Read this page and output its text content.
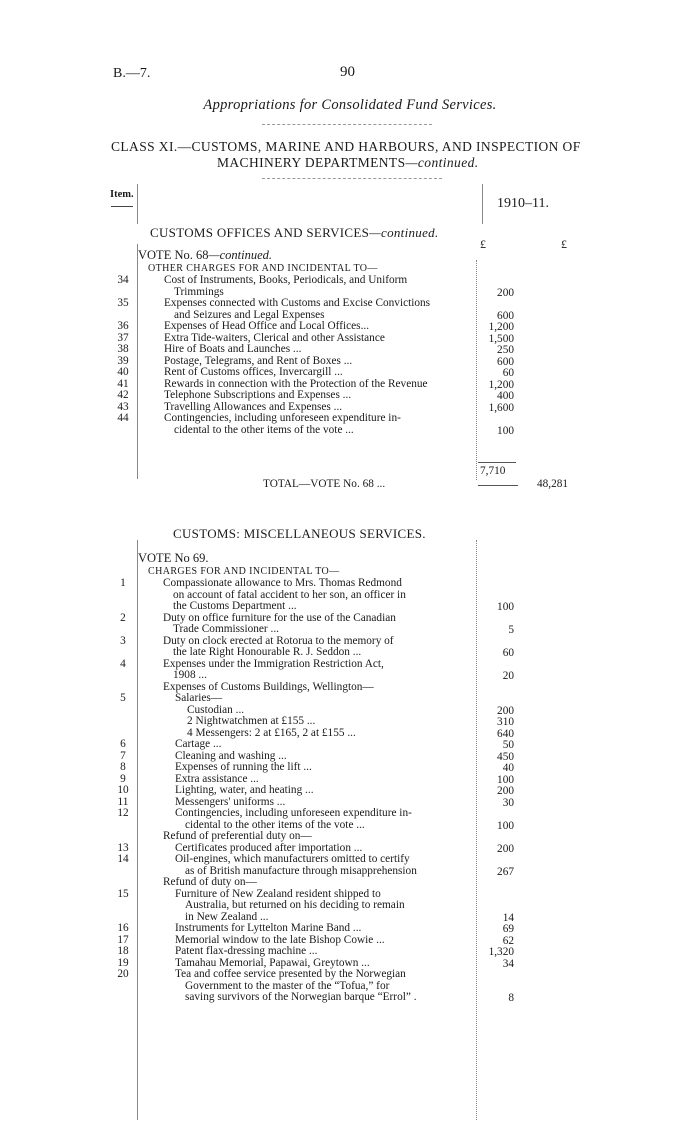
B.—7.	90
Appropriations for Consolidated Fund Services.
CLASS XI.—CUSTOMS, MARINE AND HARBOURS, AND INSPECTION OF
MACHINERY DEPARTMENTS—continued.
Item.
1910–11.
CUSTOMS OFFICES AND SERVICES—continued.
£	£
VOTE No. 68—continued.
OTHER CHARGES FOR AND INCIDENTAL TO—
34	Cost of Instruments, Books, Periodicals, and Uniform
Trimmings	200
35	Expenses connected with Customs and Excise Convictions
and Seizures and Legal Expenses	600
36	Expenses of Head Office and Local Offices...	1,200
37	Extra Tide-waiters, Clerical and other Assistance	1,500
38	Hire of Boats and Launches ...	250
39	Postage, Telegrams, and Rent of Boxes ...	600
40	Rent of Customs offices, Invercargill ...	60
41	Rewards in connection with the Protection of the Revenue	1,200
42	Telephone Subscriptions and Expenses ...	400
43	Travelling Allowances and Expenses ...	1,600
44	Contingencies, including unforeseen expenditure in-
cidental to the other items of the vote ...	100
7,710
TOTAL—VOTE No. 68 ...	48,281
CUSTOMS: MISCELLANEOUS SERVICES.
VOTE No 69.
CHARGES FOR AND INCIDENTAL TO—
1	Compassionate allowance to Mrs. Thomas Redmond
on account of fatal accident to her son, an officer in
the Customs Department ...	100
2	Duty on office furniture for the use of the Canadian
Trade Commissioner ...	5
3	Duty on clock erected at Rotorua to the memory of
the late Right Honourable R. J. Seddon ...	60
4	Expenses under the Immigration Restriction Act,
1908 ...	20
Expenses of Customs Buildings, Wellington—
5	Salaries—
Custodian ...	200
2 Nightwatchmen at £155 ...	310
4 Messengers: 2 at £165, 2 at £155 ...	640
6	Cartage ...	50
7	Cleaning and washing ...	450
8	Expenses of running the lift ...	40
9	Extra assistance ...	100
10	Lighting, water, and heating ...	200
11	Messengers' uniforms ...	30
12	Contingencies, including unforeseen expenditure in-
cidental to the other items of the vote ...	100
Refund of preferential duty on—
13	Certificates produced after importation ...	200
14	Oil-engines, which manufacturers omitted to certify
as of British manufacture through misapprehension	267
Refund of duty on—
15	Furniture of New Zealand resident shipped to
Australia, but returned on his deciding to remain
in New Zealand ...	14
16	Instruments for Lyttelton Marine Band ...	69
17	Memorial window to the late Bishop Cowie ...	62
18	Patent flax-dressing machine ...	1,320
19	Tamahau Memorial, Papawai, Greytown ...	34
20	Tea and coffee service presented by the Norwegian
Government to the master of the “Tofua,” for
saving survivors of the Norwegian barque “Errol” .	8
